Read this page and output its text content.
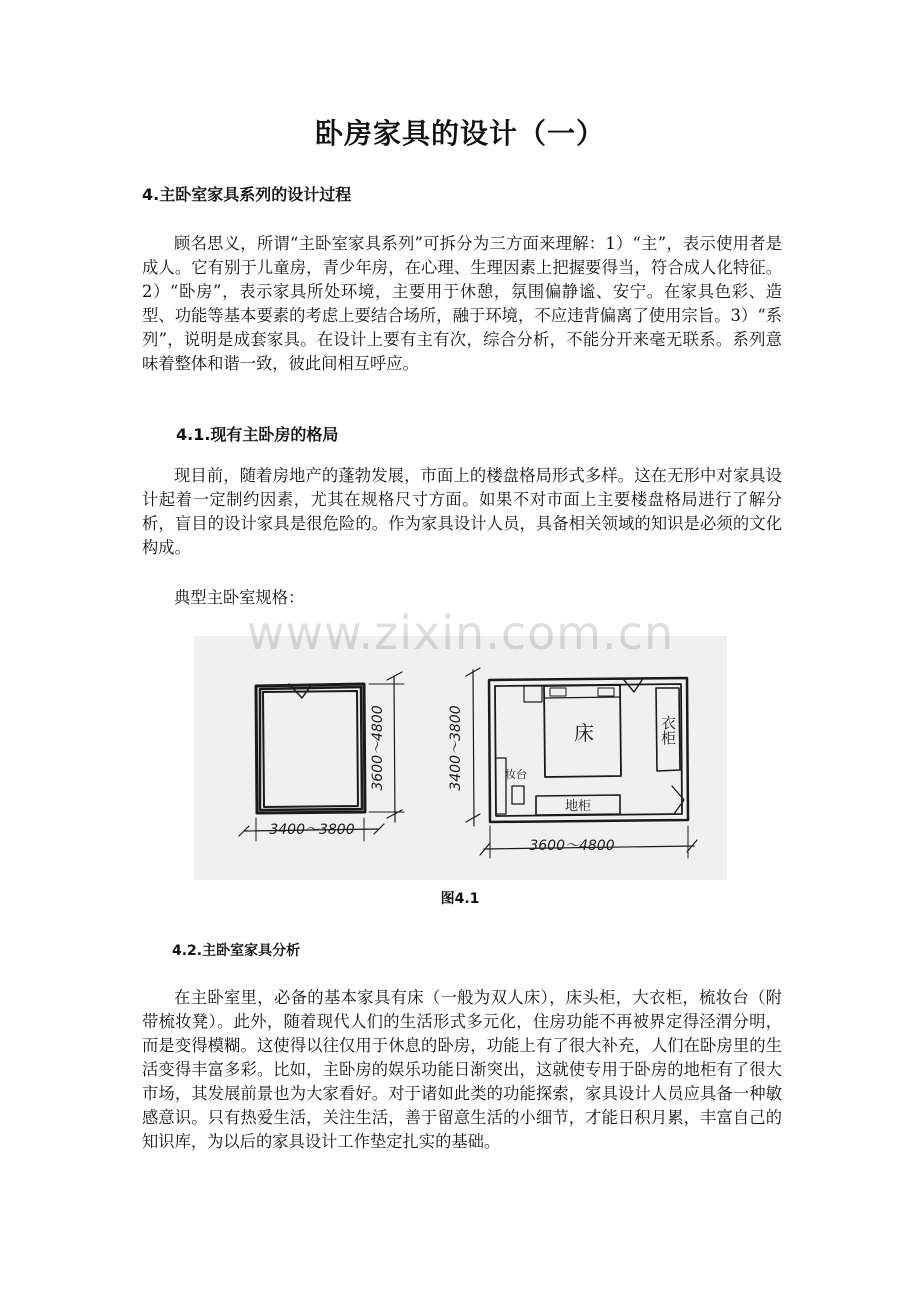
卧房家具的设计（一）
4.主卧室家具系列的设计过程

顾名思义，所谓“主卧室家具系列”可拆分为三方面来理解：1）“主”，表示使用者是成人。它有别于儿童房，青少年房，在心理、生理因素上把握要得当，符合成人化特征。2）“卧房”，表示家具所处环境，主要用于休憩，氛围偏静谧、安宁。在家具色彩、造型、功能等基本要素的考虑上要结合场所，融于环境，不应违背偏离了使用宗旨。3）“系列”，说明是成套家具。在设计上要有主有次，综合分析，不能分开来毫无联系。系列意味着整体和谐一致，彼此间相互呼应。

4.1.现有主卧房的格局

现目前，随着房地产的蓬勃发展，市面上的楼盘格局形式多样。这在无形中对家具设计起着一定制约因素，尤其在规格尺寸方面。如果不对市面上主要楼盘格局进行了解分析，盲目的设计家具是很危险的。作为家具设计人员，具备相关领域的知识是必须的文化构成。

典型主卧室规格：

3400～3800
3600～4800	3400～3800
3600～4800
床	衣柜
妆台
地柜
www.zixin.com.cn
图4.1
4.2.主卧室家具分析

在主卧室里，必备的基本家具有床（一般为双人床），床头柜，大衣柜，梳妆台（附带梳妆凳）。此外，随着现代人们的生活形式多元化，住房功能不再被界定得泾渭分明，而是变得模糊。这使得以往仅用于休息的卧房，功能上有了很大补充，人们在卧房里的生活变得丰富多彩。比如，主卧房的娱乐功能日渐突出，这就使专用于卧房的地柜有了很大市场，其发展前景也为大家看好。对于诸如此类的功能探索，家具设计人员应具备一种敏感意识。只有热爱生活，关注生活，善于留意生活的小细节，才能日积月累，丰富自己的知识库，为以后的家具设计工作垫定扎实的基础。
